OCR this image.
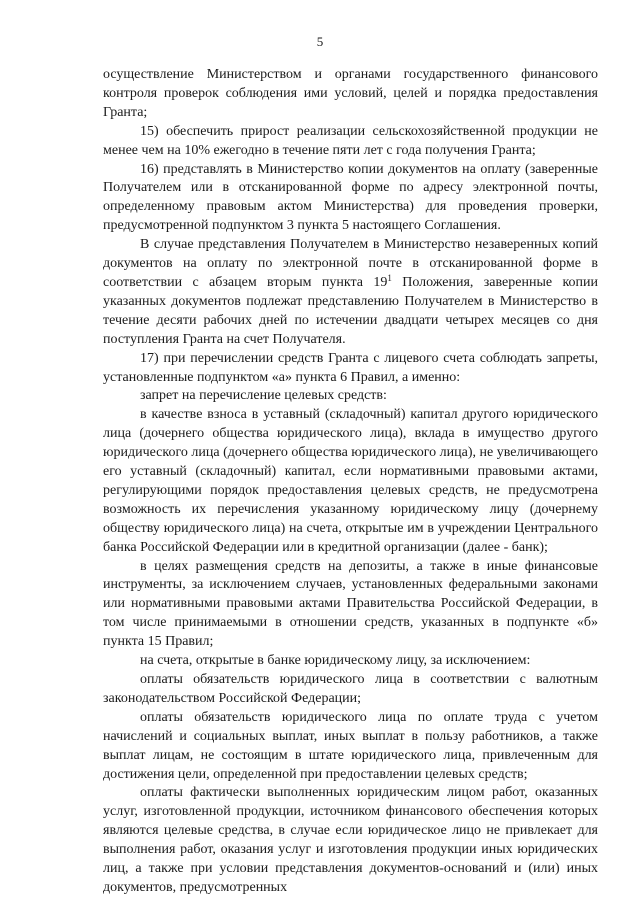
5

осуществление Министерством и органами государственного финансового контроля проверок соблюдения ими условий, целей и порядка предоставления Гранта;

15) обеспечить прирост реализации сельскохозяйственной продукции не менее чем на 10% ежегодно в течение пяти лет с года получения Гранта;

16) представлять в Министерство копии документов на оплату (заверенные Получателем или в отсканированной форме по адресу электронной почты, определенному правовым актом Министерства) для проведения проверки, предусмотренной подпунктом 3 пункта 5 настоящего Соглашения.

В случае представления Получателем в Министерство незаверенных копий документов на оплату по электронной почте в отсканированной форме в соответствии с абзацем вторым пункта $19^1$ Положения, заверенные копии указанных документов подлежат представлению Получателем в Министерство в течение десяти рабочих дней по истечении двадцати четырех месяцев со дня поступления Гранта на счет Получателя.

17) при перечислении средств Гранта с лицевого счета соблюдать запреты, установленные подпунктом «а» пункта 6 Правил, а именно:

запрет на перечисление целевых средств:

в качестве взноса в уставный (складочный) капитал другого юридического лица (дочернего общества юридического лица), вклада в имущество другого юридического лица (дочернего общества юридического лица), не увеличивающего его уставный (складочный) капитал, если нормативными правовыми актами, регулирующими порядок предоставления целевых средств, не предусмотрена возможность их перечисления указанному юридическому лицу (дочернему обществу юридического лица) на счета, открытые им в учреждении Центрального банка Российской Федерации или в кредитной организации (далее - банк);

в целях размещения средств на депозиты, а также в иные финансовые инструменты, за исключением случаев, установленных федеральными законами или нормативными правовыми актами Правительства Российской Федерации, в том числе принимаемыми в отношении средств, указанных в подпункте «б» пункта 15 Правил;

на счета, открытые в банке юридическому лицу, за исключением:

оплаты обязательств юридического лица в соответствии с валютным законодательством Российской Федерации;

оплаты обязательств юридического лица по оплате труда с учетом начислений и социальных выплат, иных выплат в пользу работников, а также выплат лицам, не состоящим в штате юридического лица, привлеченным для достижения цели, определенной при предоставлении целевых средств;

оплаты фактически выполненных юридическим лицом работ, оказанных услуг, изготовленной продукции, источником финансового обеспечения которых являются целевые средства, в случае если юридическое лицо не привлекает для выполнения работ, оказания услуг и изготовления продукции иных юридических лиц, а также при условии представления документов-оснований и (или) иных документов, предусмотренных
